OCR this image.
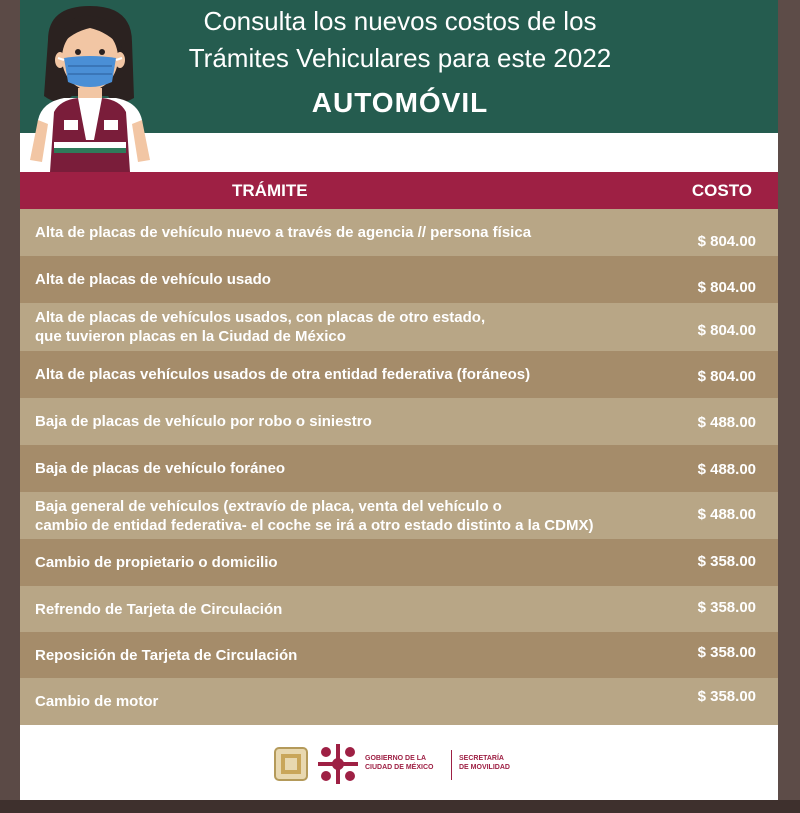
Consulta los nuevos costos de los
Trámites Vehiculares para este 2022
AUTOMÓVIL
TRÁMITE	COSTO
Alta de placas de vehículo nuevo a través de agencia // persona física
$ 804.00
Alta de placas de vehículo usado	$ 804.00
Alta de placas de vehículos usados, con placas de otro estado,
que tuvieron placas en la Ciudad de México	$ 804.00
Alta de placas vehículos usados de otra entidad federativa (foráneos)	$ 804.00
Baja de placas de vehículo por robo o siniestro	$ 488.00
Baja de placas de vehículo foráneo	$ 488.00
Baja general de vehículos (extravío de placa, venta del vehículo o
cambio de entidad federativa- el coche se irá a otro estado distinto a la CDMX)
$ 488.00
Cambio de propietario o domicilio	$ 358.00
Refrendo de Tarjeta de Circulación	$ 358.00
Reposición de Tarjeta de Circulación	$ 358.00
Cambio de motor	$ 358.00
GOBIERNO DE LA
CIUDAD DE MÉXICO
SECRETARÍA
DE MOVILIDAD
